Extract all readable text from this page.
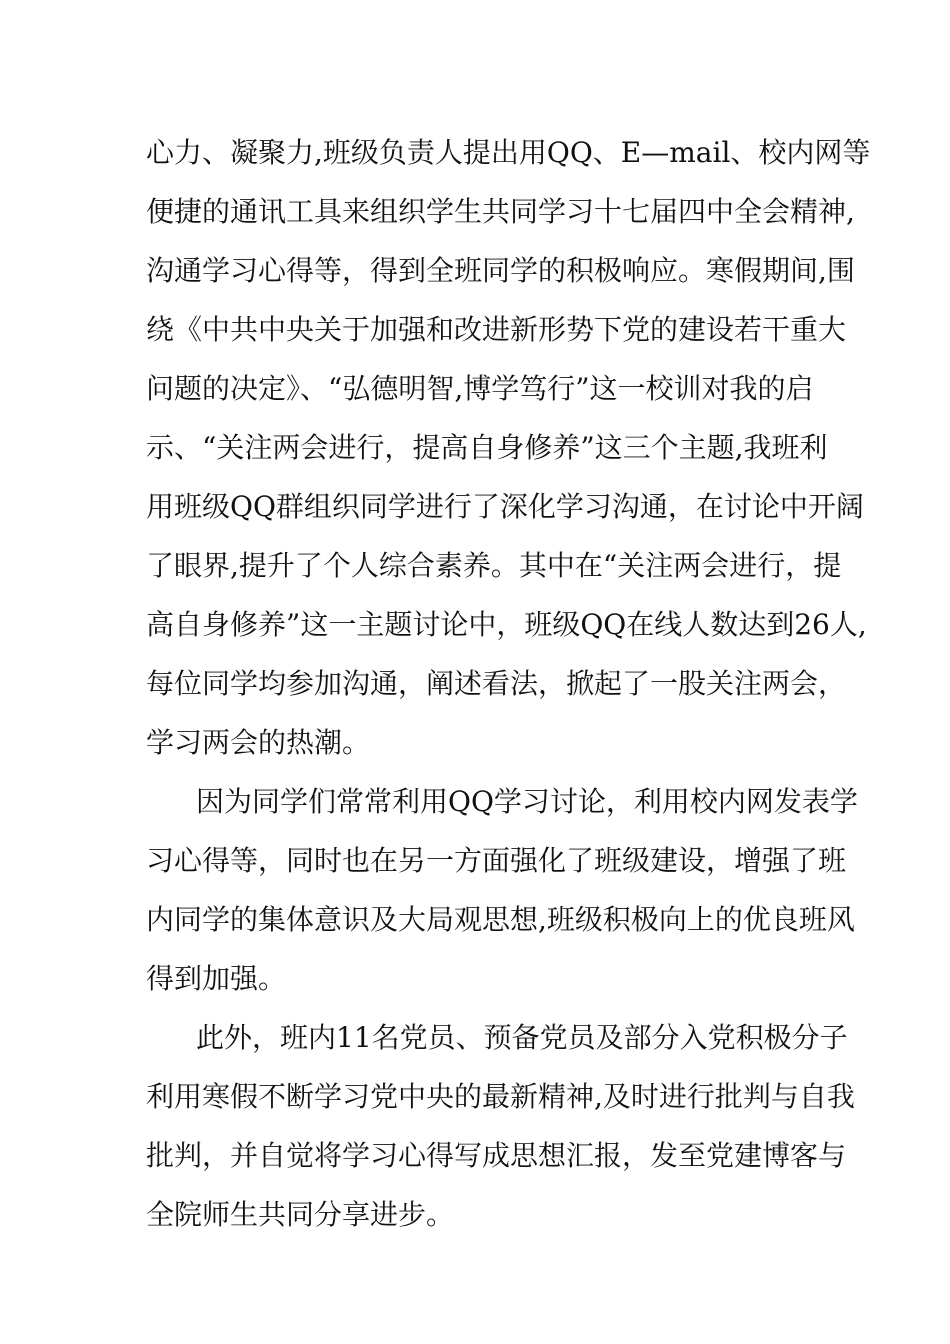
心力、凝聚力,班级负责人提出用QQ、E—mail、校内网等
便捷的通讯工具来组织学生共同学习十七届四中全会精神,
沟通学习心得等，得到全班同学的积极响应。寒假期间,围
绕《中共中央关于加强和改进新形势下党的建设若干重大
问题的决定》、“弘德明智,博学笃行”这一校训对我的启
示、“关注两会进行，提高自身修养”这三个主题,我班利
用班级QQ群组织同学进行了深化学习沟通，在讨论中开阔
了眼界,提升了个人综合素养。其中在“关注两会进行，提
高自身修养”这一主题讨论中，班级QQ在线人数达到26人,
每位同学均参加沟通，阐述看法，掀起了一股关注两会，
学习两会的热潮。
因为同学们常常利用QQ学习讨论，利用校内网发表学
习心得等，同时也在另一方面强化了班级建设，增强了班
内同学的集体意识及大局观思想,班级积极向上的优良班风
得到加强。
此外，班内11名党员、预备党员及部分入党积极分子
利用寒假不断学习党中央的最新精神,及时进行批判与自我
批判，并自觉将学习心得写成思想汇报，发至党建博客与
全院师生共同分享进步。
